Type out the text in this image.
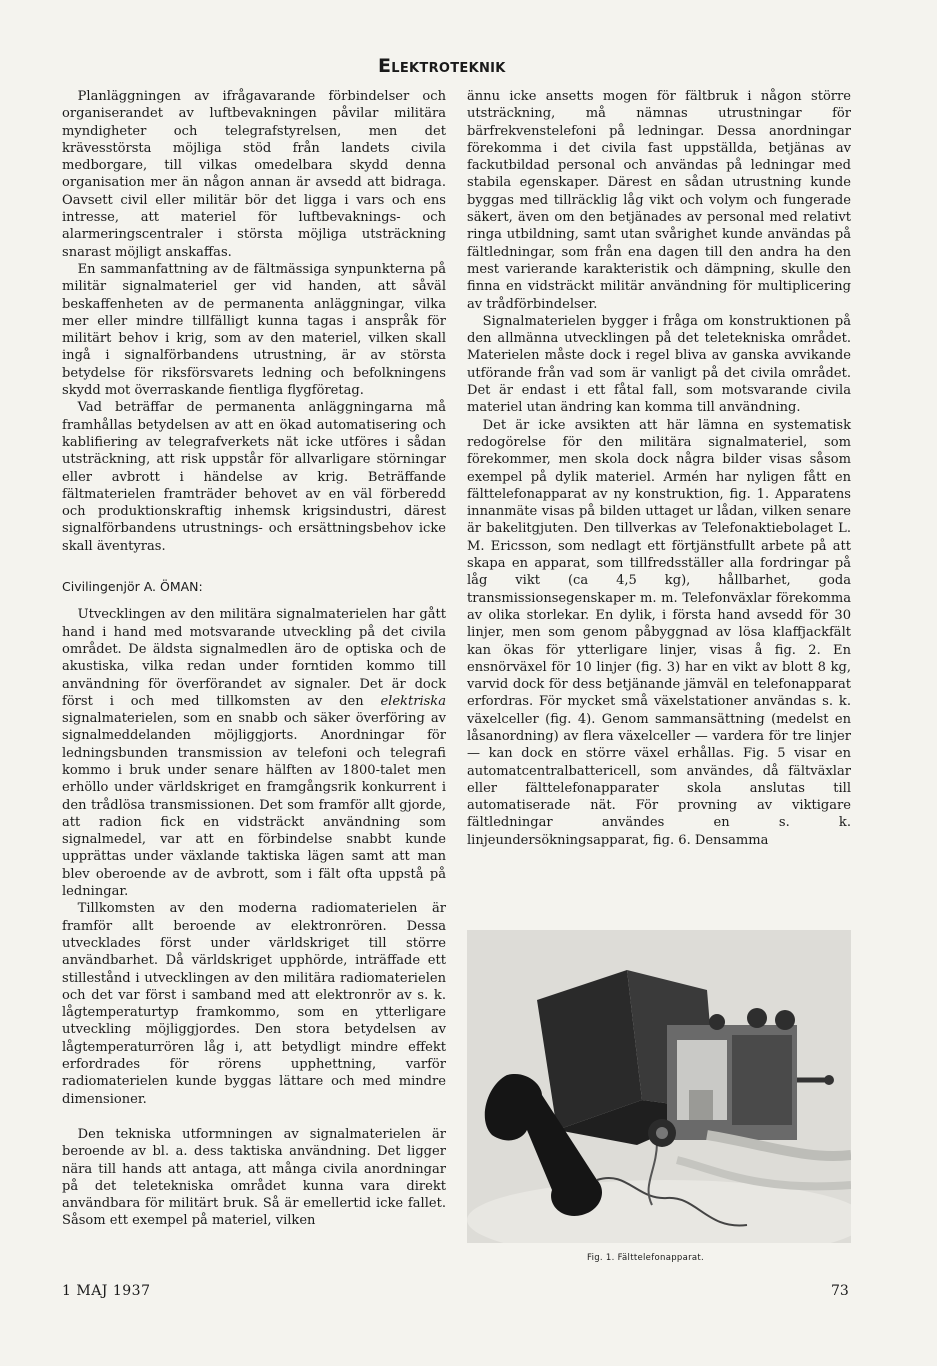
Elektroteknik

Planläggningen av ifrågavarande förbindelser och organiserandet av luftbevakningen påvilar militära myndigheter och telegrafstyrelsen, men det krävesstörsta möjliga stöd från landets civila medborgare, till vilkas omedelbara skydd denna organisation mer än någon annan är avsedd att bidraga. Oavsett civil eller militär bör det ligga i vars och ens intresse, att materiel för luftbevaknings- och alarmeringscentraler i största möjliga utsträckning snarast möjligt anskaffas.

En sammanfattning av de fältmässiga synpunkterna på militär signalmateriel ger vid handen, att såväl beskaffenheten av de permanenta anläggningar, vilka mer eller mindre tillfälligt kunna tagas i anspråk för militärt behov i krig, som av den materiel, vilken skall ingå i signalförbandens utrustning, är av största betydelse för riksförsvarets ledning och befolkningens skydd mot överraskande fientliga flygföretag.

Vad beträffar de permanenta anläggningarna må framhållas betydelsen av att en ökad automatisering och kablifiering av telegrafverkets nät icke utföres i sådan utsträckning, att risk uppstår för allvarligare störningar eller avbrott i händelse av krig. Beträffande fältmaterielen framträder behovet av en väl förberedd och produktionskraftig inhemsk krigsindustri, därest signalförbandens utrustnings- och ersättningsbehov icke skall äventyras.

Civilingenjör A. ÖMAN:

Utvecklingen av den militära signalmaterielen har gått hand i hand med motsvarande utveckling på det civila området. De äldsta signalmedlen äro de optiska och de akustiska, vilka redan under forntiden kommo till användning för överförandet av signaler. Det är dock först i och med tillkomsten av den elektriska signalmaterielen, som en snabb och säker överföring av signalmeddelanden möjliggjorts. Anordningar för ledningsbunden transmission av telefoni och telegrafi kommo i bruk under senare hälften av 1800-talet men erhöllo under världskriget en framgångsrik konkurrent i den trådlösa transmissionen. Det som framför allt gjorde, att radion fick en vidsträckt användning som signalmedel, var att en förbindelse snabbt kunde upprättas under växlande taktiska lägen samt att man blev oberoende av de avbrott, som i fält ofta uppstå på ledningar.

Tillkomsten av den moderna radiomaterielen är framför allt beroende av elektronrören. Dessa utvecklades först under världskriget till större användbarhet. Då världskriget upphörde, inträffade ett stillestånd i utvecklingen av den militära radiomaterielen och det var först i samband med att elektronrör av s. k. lågtemperaturtyp framkommo, som en ytterligare utveckling möjliggjordes. Den stora betydelsen av lågtemperaturrören låg i, att betydligt mindre effekt erfordrades för rörens upphettning, varför radiomaterielen kunde byggas lättare och med mindre dimensioner.

Den tekniska utformningen av signalmaterielen är beroende av bl. a. dess taktiska användning. Det ligger nära till hands att antaga, att många civila anordningar på det teletekniska området kunna vara direkt användbara för militärt bruk. Så är emellertid icke fallet. Såsom ett exempel på materiel, vilken

ännu icke ansetts mogen för fältbruk i någon större utsträckning, må nämnas utrustningar för bärfrekvenstelefoni på ledningar. Dessa anordningar förekomma i det civila fast uppställda, betjänas av fackutbildad personal och användas på ledningar med stabila egenskaper. Därest en sådan utrustning kunde byggas med tillräcklig låg vikt och volym och fungerade säkert, även om den betjänades av personal med relativt ringa utbildning, samt utan svårighet kunde användas på fältledningar, som från ena dagen till den andra ha den mest varierande karakteristik och dämpning, skulle den finna en vidsträckt militär användning för multiplicering av trådförbindelser.

Signalmaterielen bygger i fråga om konstruktionen på den allmänna utvecklingen på det teletekniska området. Materielen måste dock i regel bliva av ganska avvikande utförande från vad som är vanligt på det civila området. Det är endast i ett fåtal fall, som motsvarande civila materiel utan ändring kan komma till användning.

Det är icke avsikten att här lämna en systematisk redogörelse för den militära signalmateriel, som förekommer, men skola dock några bilder visas såsom exempel på dylik materiel. Armén har nyligen fått en fälttelefonapparat av ny konstruktion, fig. 1. Apparatens innanmäte visas på bilden uttaget ur lådan, vilken senare är bakelitgjuten. Den tillverkas av Telefonaktiebolaget L. M. Ericsson, som nedlagt ett förtjänstfullt arbete på att skapa en apparat, som tillfredsställer alla fordringar på låg vikt (ca 4,5 kg), hållbarhet, goda transmissionsegenskaper m. m. Telefonväxlar förekomma av olika storlekar. En dylik, i första hand avsedd för 30 linjer, men som genom påbyggnad av lösa klaffjackfält kan ökas för ytterligare linjer, visas å fig. 2. En ensnörväxel för 10 linjer (fig. 3) har en vikt av blott 8 kg, varvid dock för dess betjänande jämväl en telefonapparat erfordras. För mycket små växelstationer användas s. k. växelceller (fig. 4). Genom sammansättning (medelst en låsanordning) av flera växelceller — vardera för tre linjer — kan dock en större växel erhållas. Fig. 5 visar en automatcentralbattericell, som användes, då fältväxlar eller fälttelefonapparater skola anslutas till automatiserade nät. För provning av viktigare fältledningar användes en s. k. linjeundersökningsapparat, fig. 6. Densamma

Fig. 1. Fälttelefonapparat.
1 MAJ 1937	73
